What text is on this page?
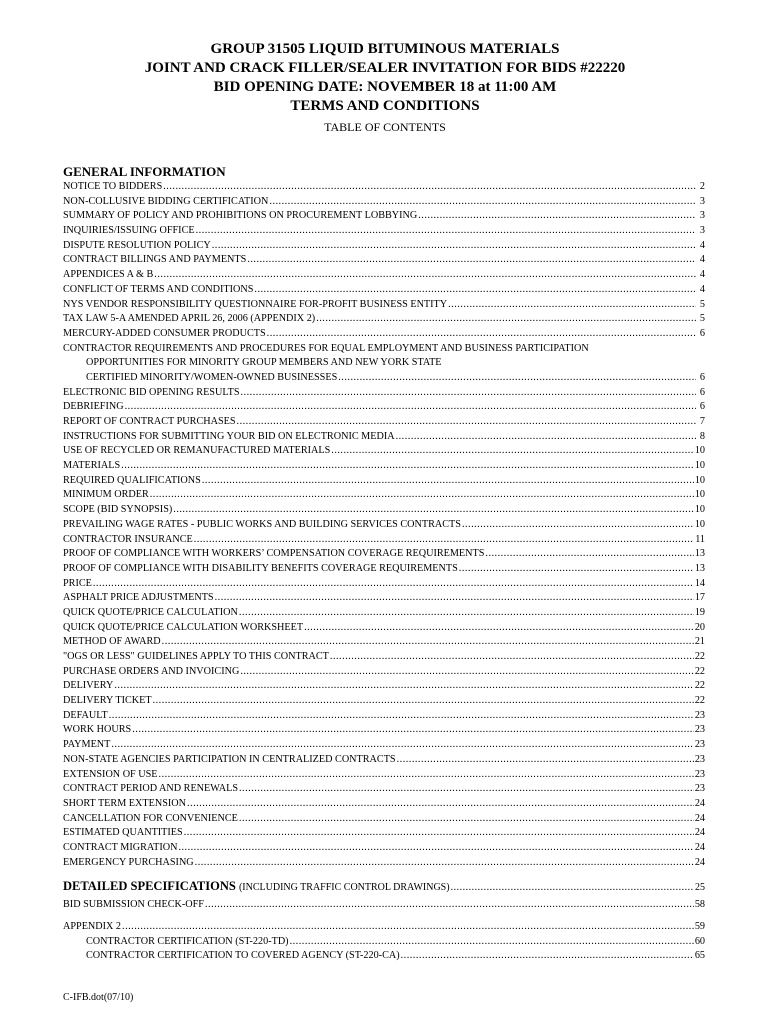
GROUP 31505 LIQUID BITUMINOUS MATERIALS
JOINT AND CRACK FILLER/SEALER INVITATION FOR BIDS #22220
BID OPENING DATE: NOVEMBER 18 at 11:00 AM
TERMS AND CONDITIONS
TABLE OF CONTENTS
GENERAL INFORMATION
NOTICE TO BIDDERS .....	2
NON-COLLUSIVE BIDDING CERTIFICATION .....	3
SUMMARY OF POLICY AND PROHIBITIONS ON PROCUREMENT LOBBYING .....	3
INQUIRIES/ISSUING OFFICE .....	3
DISPUTE RESOLUTION POLICY .....	4
CONTRACT BILLINGS AND PAYMENTS .....	4
APPENDICES A & B .....	4
CONFLICT OF TERMS AND CONDITIONS .....	4
NYS VENDOR RESPONSIBILITY QUESTIONNAIRE FOR-PROFIT BUSINESS ENTITY .....	5
TAX LAW 5-A AMENDED APRIL 26, 2006 (APPENDIX 2) .....	5
MERCURY-ADDED CONSUMER PRODUCTS .....	6
CONTRACTOR REQUIREMENTS AND PROCEDURES FOR EQUAL EMPLOYMENT AND BUSINESS PARTICIPATION
OPPORTUNITIES FOR MINORITY GROUP MEMBERS AND NEW YORK STATE
CERTIFIED MINORITY/WOMEN-OWNED BUSINESSES .....	6
ELECTRONIC BID OPENING RESULTS .....	6
DEBRIEFING .....	6
REPORT OF CONTRACT PURCHASES .....	7
INSTRUCTIONS FOR SUBMITTING YOUR BID ON ELECTRONIC MEDIA .....	8
USE OF RECYCLED OR REMANUFACTURED MATERIALS .....	10
MATERIALS .....	10
REQUIRED QUALIFICATIONS .....	10
MINIMUM ORDER .....	10
SCOPE (BID SYNOPSIS) .....	10
PREVAILING WAGE RATES - PUBLIC WORKS AND BUILDING SERVICES CONTRACTS .....	10
CONTRACTOR INSURANCE .....	11
PROOF OF COMPLIANCE WITH WORKERS’ COMPENSATION COVERAGE REQUIREMENTS .....	13
PROOF OF COMPLIANCE WITH DISABILITY BENEFITS COVERAGE REQUIREMENTS .....	13
PRICE .....	14
ASPHALT PRICE ADJUSTMENTS .....	17
QUICK QUOTE/PRICE CALCULATION .....	19
QUICK QUOTE/PRICE CALCULATION WORKSHEET .....	20
METHOD OF AWARD .....	21
"OGS OR LESS" GUIDELINES APPLY TO THIS CONTRACT .....	22
PURCHASE ORDERS AND INVOICING .....	22
DELIVERY .....	22
DELIVERY TICKET .....	22
DEFAULT .....	23
WORK HOURS .....	23
PAYMENT .....	23
NON-STATE AGENCIES PARTICIPATION IN CENTRALIZED CONTRACTS .....	23
EXTENSION OF USE .....	23
CONTRACT PERIOD AND RENEWALS .....	23
SHORT TERM EXTENSION .....	24
CANCELLATION FOR CONVENIENCE .....	24
ESTIMATED QUANTITIES .....	24
CONTRACT MIGRATION .....	24
EMERGENCY PURCHASING .....	24
DETAILED SPECIFICATIONS (INCLUDING TRAFFIC CONTROL DRAWINGS) .....	25
BID SUBMISSION CHECK-OFF .....	58
APPENDIX 2 .....	59
CONTRACTOR CERTIFICATION (ST-220-TD) .....	60
CONTRACTOR CERTIFICATION TO COVERED AGENCY (ST-220-CA) .....	65
C-IFB.dot(07/10)
